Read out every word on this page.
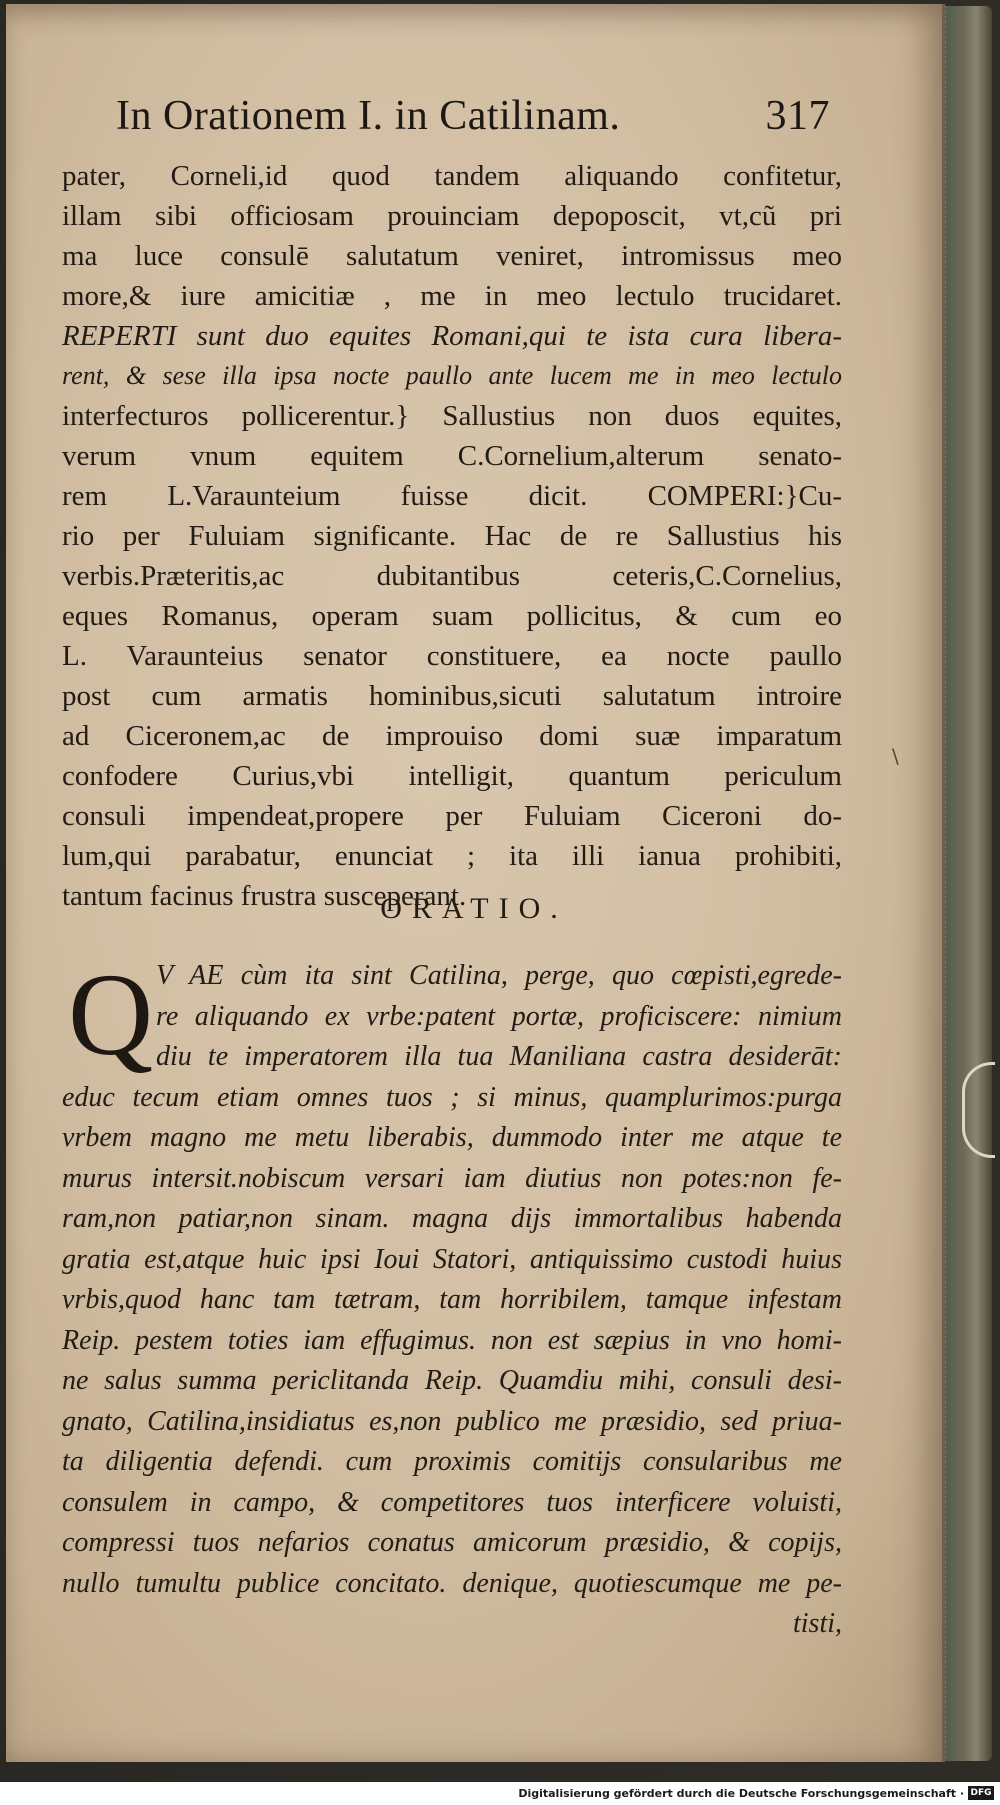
In Orationem I. in Catilinam.	317
pater, Corneli,id quod tandem aliquando confitetur,
illam sibi officiosam prouinciam depoposcit, vt,cũ pri
ma luce consulē salutatum veniret, intromissus meo
more,& iure amicitiæ , me in meo lectulo trucidaret.
REPERTI sunt duo equites Romani,qui te ista cura libera-
rent, & sese illa ipsa nocte paullo ante lucem me in meo lectulo
interfecturos pollicerentur.} Sallustius non duos equites,
verum vnum equitem C.Cornelium,alterum senato-
rem L.Varaunteium fuisse dicit. COMPERI:}Cu-
rio per Fuluiam significante. Hac de re Sallustius his
verbis.Præteritis,ac dubitantibus ceteris,C.Cornelius,
eques Romanus, operam suam pollicitus, & cum eo
L. Varaunteius senator constituere, ea nocte paullo
post cum armatis hominibus,sicuti salutatum introire
ad Ciceronem,ac de improuiso domi suæ imparatum
confodere Curius,vbi intelligit, quantum periculum
consuli impendeat,propere per Fuluiam Ciceroni do-
lum,qui parabatur, enunciat ; ita illi ianua prohibiti,
tantum facinus frustra susceperant.
ORATIO.
Q V AE cùm ita sint Catilina, perge, quo cœpisti,egrede-
re aliquando ex vrbe:patent portæ, proficiscere: nimium
diu te imperatorem illa tua Maniliana castra desiderāt:
educ tecum etiam omnes tuos ; si minus, quamplurimos:purga
vrbem magno me metu liberabis, dummodo inter me atque te
murus intersit.nobiscum versari iam diutius non potes:non fe-
ram,non patiar,non sinam. magna dijs immortalibus habenda
gratia est,atque huic ipsi Ioui Statori, antiquissimo custodi huius
vrbis,quod hanc tam tætram, tam horribilem, tamque infestam
Reip. pestem toties iam effugimus. non est sæpius in vno homi-
ne salus summa periclitanda Reip. Quamdiu mihi, consuli desi-
gnato, Catilina,insidiatus es,non publico me præsidio, sed priua-
ta diligentia defendi. cum proximis comitijs consularibus me
consulem in campo, & competitores tuos interficere voluisti,
compressi tuos nefarios conatus amicorum præsidio, & copijs,
nullo tumultu publice concitato. denique, quotiescumque me pe-
tisti,
\
Digitalisierung gefördert durch die Deutsche Forschungsgemeinschaft · DFG
